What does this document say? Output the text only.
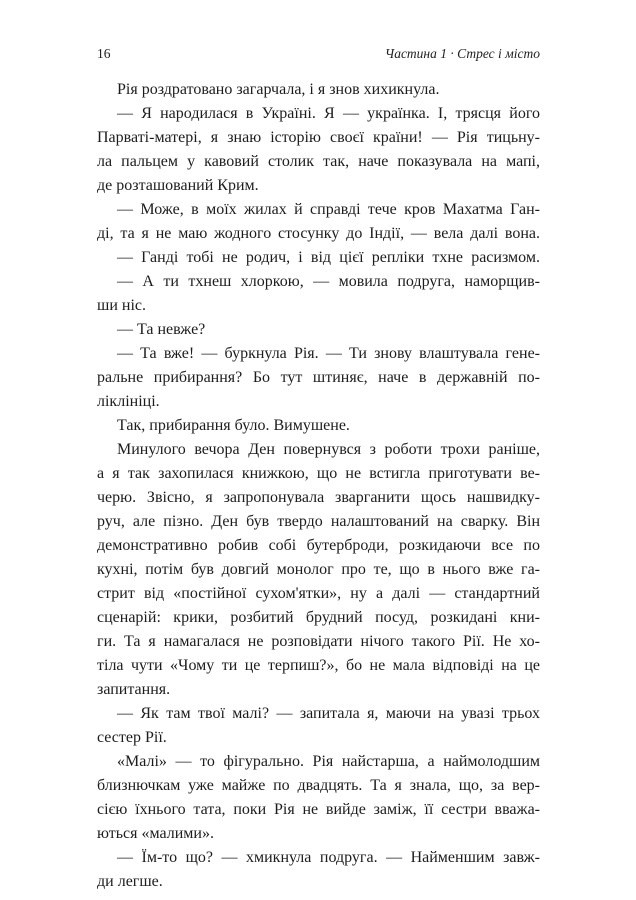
16	Частина 1 · Стрес і місто
Рія роздратовано загарчала, і я знов хихикнула.
— Я народилася в Україні. Я — українка. І, трясця його
Парваті-матері, я знаю історію своєї країни! — Рія тицьну-
ла пальцем у кавовий столик так, наче показувала на мапі,
де розташований Крим.
— Може, в моїх жилах й справді тече кров Махатма Ган-
ді, та я не маю жодного стосунку до Індії, — вела далі вона.
— Ганді тобі не родич, і від цієї репліки тхне расизмом.
— А ти тхнеш хлоркою, — мовила подруга, наморщив-
ши ніс.
— Та невже?
— Та вже! — буркнула Рія. — Ти знову влаштувала гене-
ральне прибирання? Бо тут штиняє, наче в державній по-
ліклініці.
Так, прибирання було. Вимушене.
Минулого вечора Ден повернувся з роботи трохи раніше,
а я так захопилася книжкою, що не встигла приготувати ве-
черю. Звісно, я запропонувала зварганити щось нашвидку-
руч, але пізно. Ден був твердо налаштований на сварку. Він
демонстративно робив собі бутерброди, розкидаючи все по
кухні, потім був довгий монолог про те, що в нього вже га-
стрит від «постійної сухом'ятки», ну а далі — стандартний
сценарій: крики, розбитий брудний посуд, розкидані кни-
ги. Та я намагалася не розповідати нічого такого Рії. Не хо-
тіла чути «Чому ти це терпиш?», бо не мала відповіді на це
запитання.
— Як там твої малі? — запитала я, маючи на увазі трьох
сестер Рії.
«Малі» — то фігурально. Рія найстарша, а наймолодшим
близнючкам уже майже по двадцять. Та я знала, що, за вер-
сією їхнього тата, поки Рія не вийде заміж, її сестри вважа-
ються «малими».
— Їм-то що? — хмикнула подруга. — Найменшим завж-
ди легше.
